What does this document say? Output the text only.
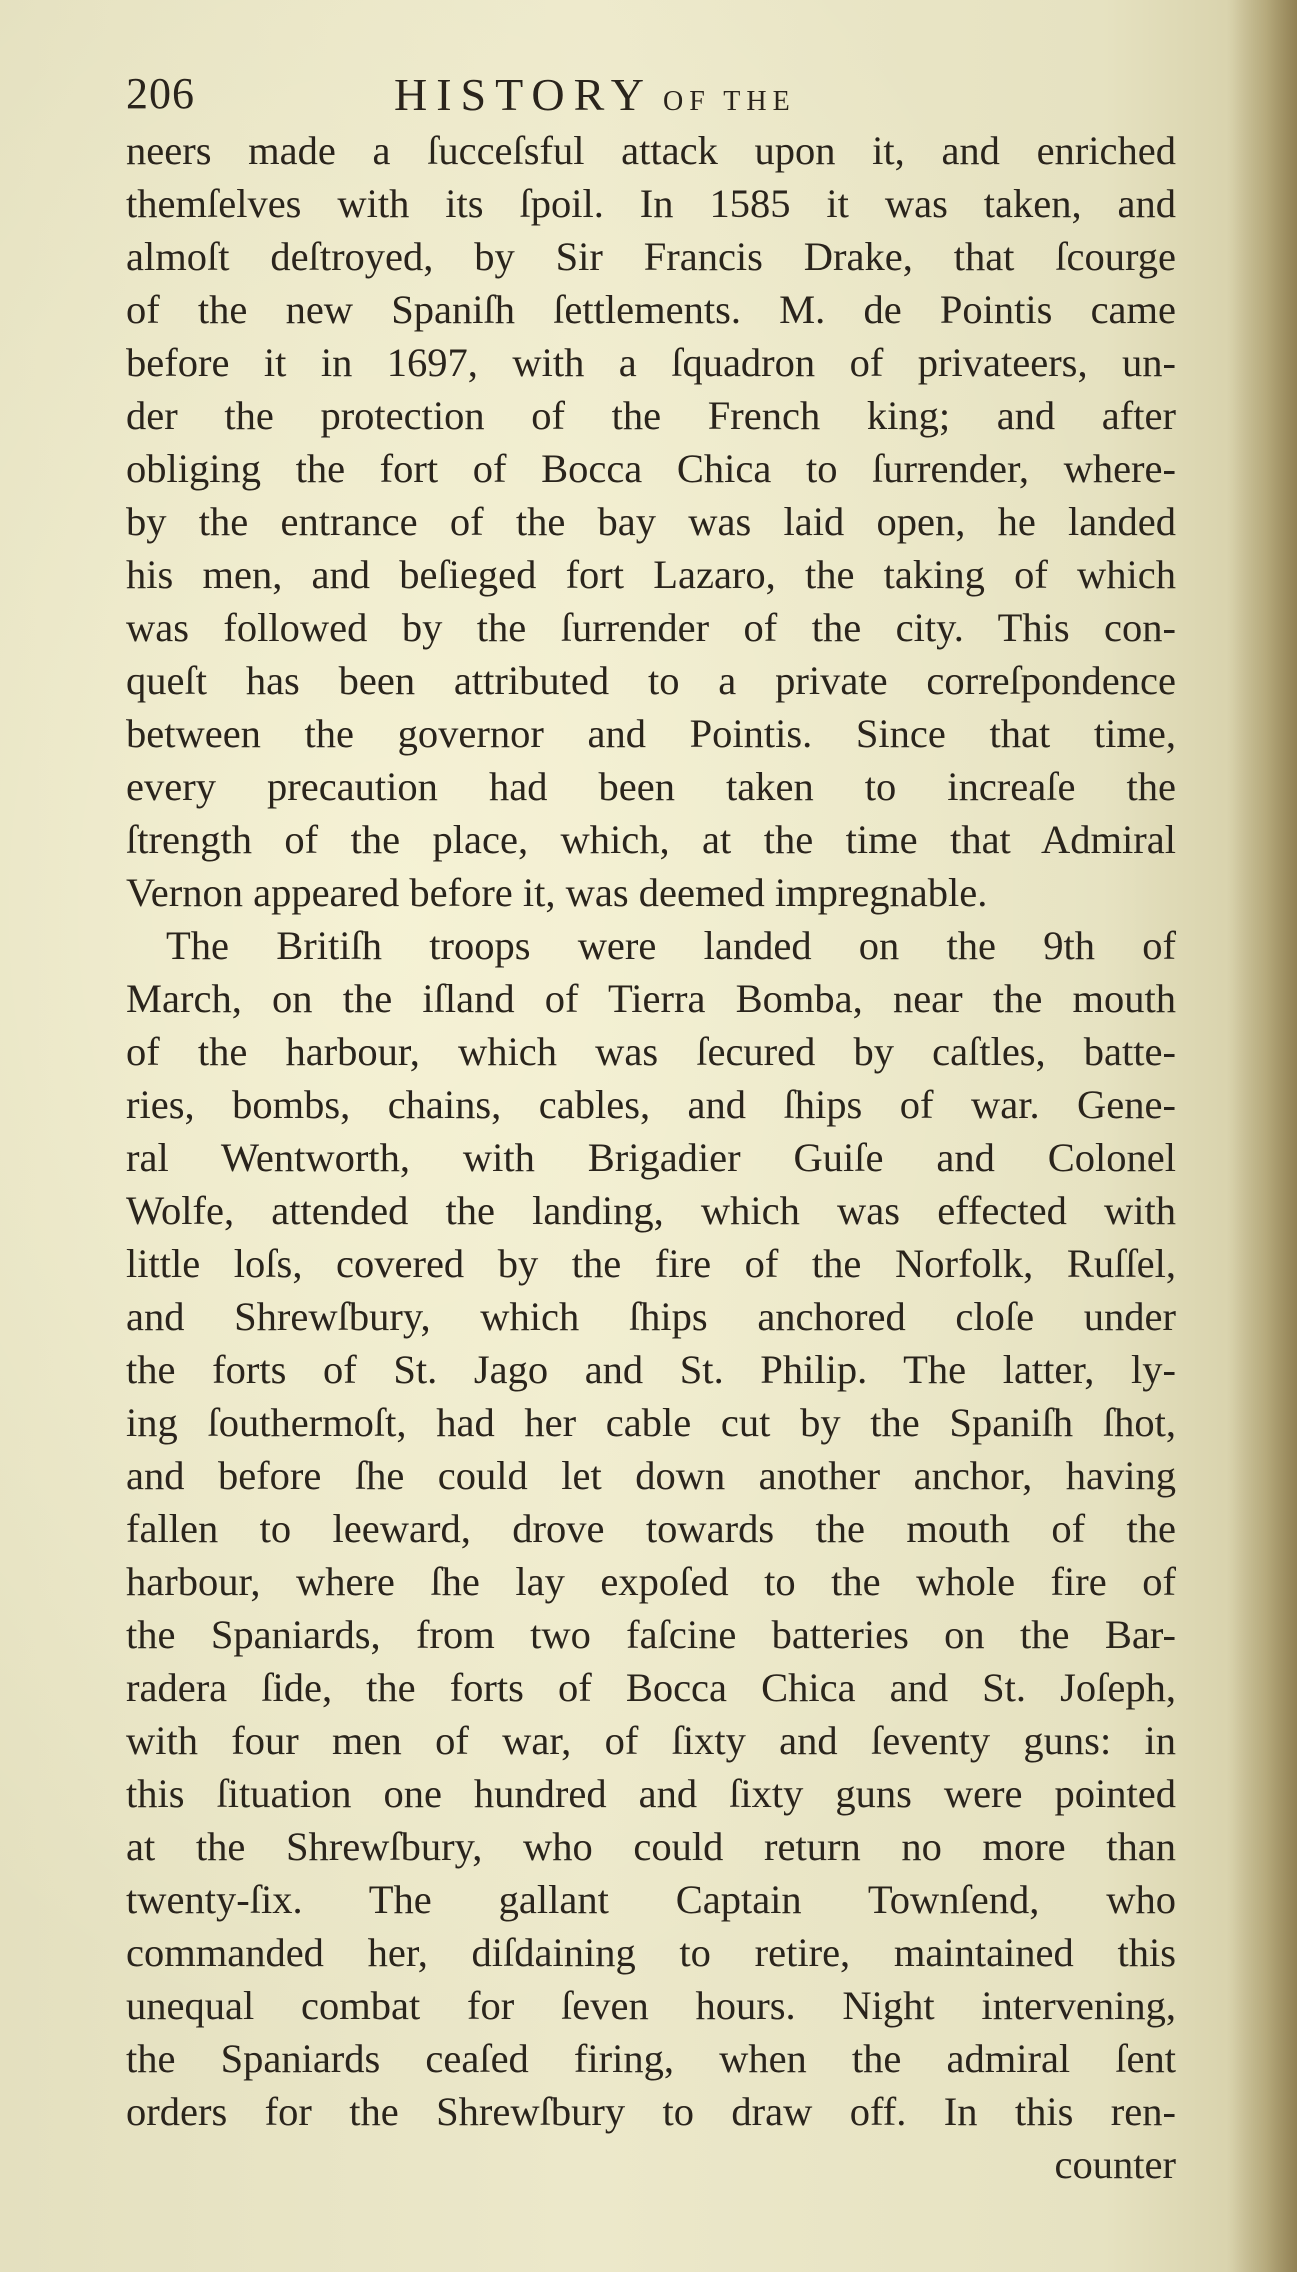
206	HISTORY OF THE
neers made a ſucceſsful attack upon it, and enriched
themſelves with its ſpoil. In 1585 it was taken, and
almoſt deſtroyed, by Sir Francis Drake, that ſcourge
of the new Spaniſh ſettlements. M. de Pointis came
before it in 1697, with a ſquadron of privateers, un-
der the protection of the French king; and after
obliging the fort of Bocca Chica to ſurrender, where-
by the entrance of the bay was laid open, he landed
his men, and beſieged fort Lazaro, the taking of which
was followed by the ſurrender of the city. This con-
queſt has been attributed to a private correſpondence
between the governor and Pointis. Since that time,
every precaution had been taken to increaſe the
ſtrength of the place, which, at the time that Admiral
Vernon appeared before it, was deemed impregnable.
The Britiſh troops were landed on the 9th of
March, on the iſland of Tierra Bomba, near the mouth
of the harbour, which was ſecured by caſtles, batte-
ries, bombs, chains, cables, and ſhips of war. Gene-
ral Wentworth, with Brigadier Guiſe and Colonel
Wolfe, attended the landing, which was effected with
little loſs, covered by the fire of the Norfolk, Ruſſel,
and Shrewſbury, which ſhips anchored cloſe under
the forts of St. Jago and St. Philip. The latter, ly-
ing ſouthermoſt, had her cable cut by the Spaniſh ſhot,
and before ſhe could let down another anchor, having
fallen to leeward, drove towards the mouth of the
harbour, where ſhe lay expoſed to the whole fire of
the Spaniards, from two faſcine batteries on the Bar-
radera ſide, the forts of Bocca Chica and St. Joſeph,
with four men of war, of ſixty and ſeventy guns: in
this ſituation one hundred and ſixty guns were pointed
at the Shrewſbury, who could return no more than
twenty-ſix. The gallant Captain Townſend, who
commanded her, diſdaining to retire, maintained this
unequal combat for ſeven hours. Night intervening,
the Spaniards ceaſed firing, when the admiral ſent
orders for the Shrewſbury to draw off. In this ren-
counter
